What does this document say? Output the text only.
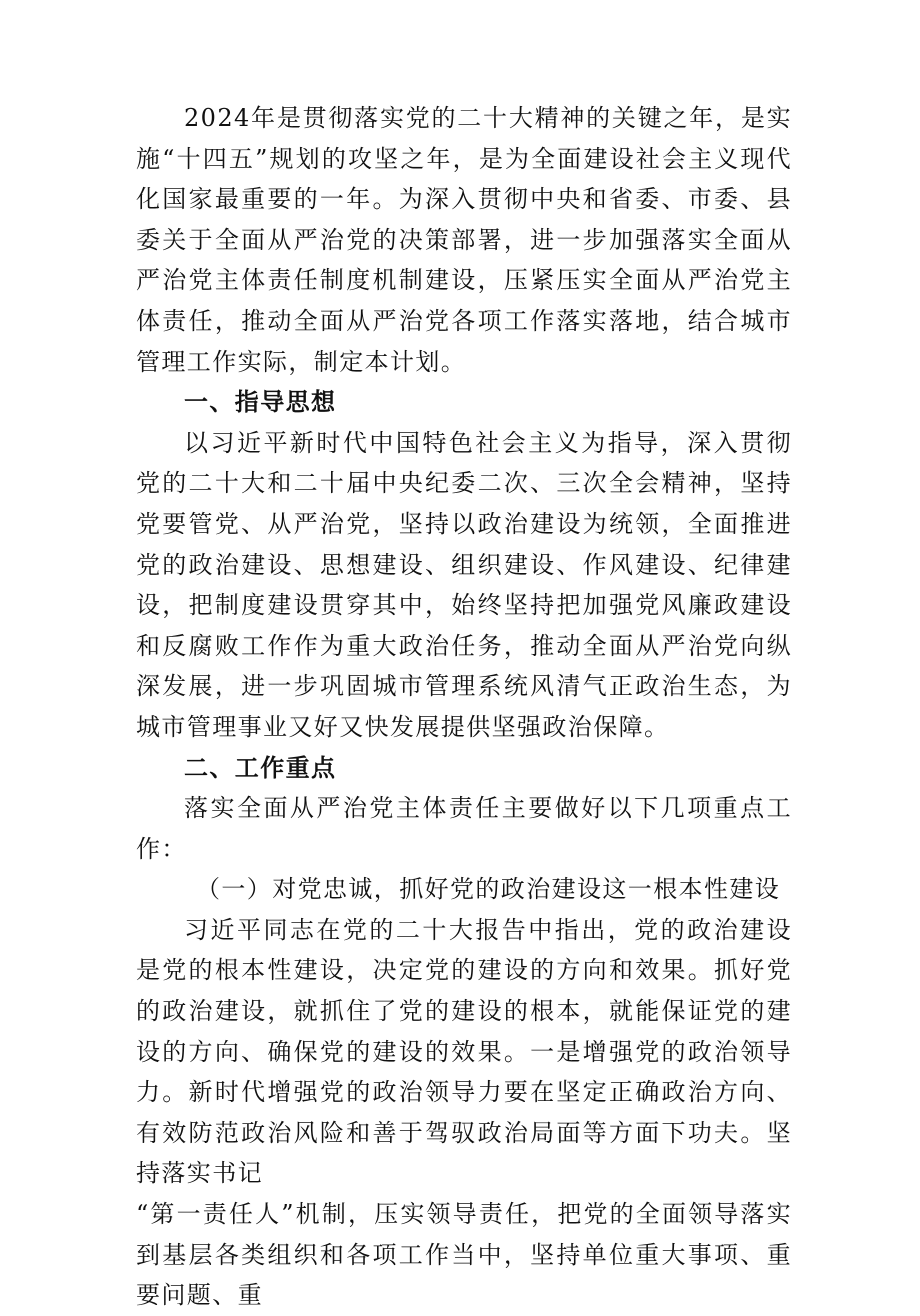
2024年是贯彻落实党的二十大精神的关键之年，是实施“十四五”规划的攻坚之年，是为全面建设社会主义现代化国家最重要的一年。为深入贯彻中央和省委、市委、县委关于全面从严治党的决策部署，进一步加强落实全面从严治党主体责任制度机制建设，压紧压实全面从严治党主体责任，推动全面从严治党各项工作落实落地，结合城市管理工作实际，制定本计划。

一、指导思想

以习近平新时代中国特色社会主义为指导，深入贯彻党的二十大和二十届中央纪委二次、三次全会精神，坚持党要管党、从严治党，坚持以政治建设为统领，全面推进党的政治建设、思想建设、组织建设、作风建设、纪律建设，把制度建设贯穿其中，始终坚持把加强党风廉政建设和反腐败工作作为重大政治任务，推动全面从严治党向纵深发展，进一步巩固城市管理系统风清气正政治生态，为城市管理事业又好又快发展提供坚强政治保障。

二、工作重点

落实全面从严治党主体责任主要做好以下几项重点工作：

（一）对党忠诚，抓好党的政治建设这一根本性建设

习近平同志在党的二十大报告中指出，党的政治建设是党的根本性建设，决定党的建设的方向和效果。抓好党的政治建设，就抓住了党的建设的根本，就能保证党的建设的方向、确保党的建设的效果。一是增强党的政治领导力。新时代增强党的政治领导力要在坚定正确政治方向、有效防范政治风险和善于驾驭政治局面等方面下功夫。坚持落实书记

“第一责任人”机制，压实领导责任，把党的全面领导落实到基层各类组织和各项工作当中，坚持单位重大事项、重要问题、重
